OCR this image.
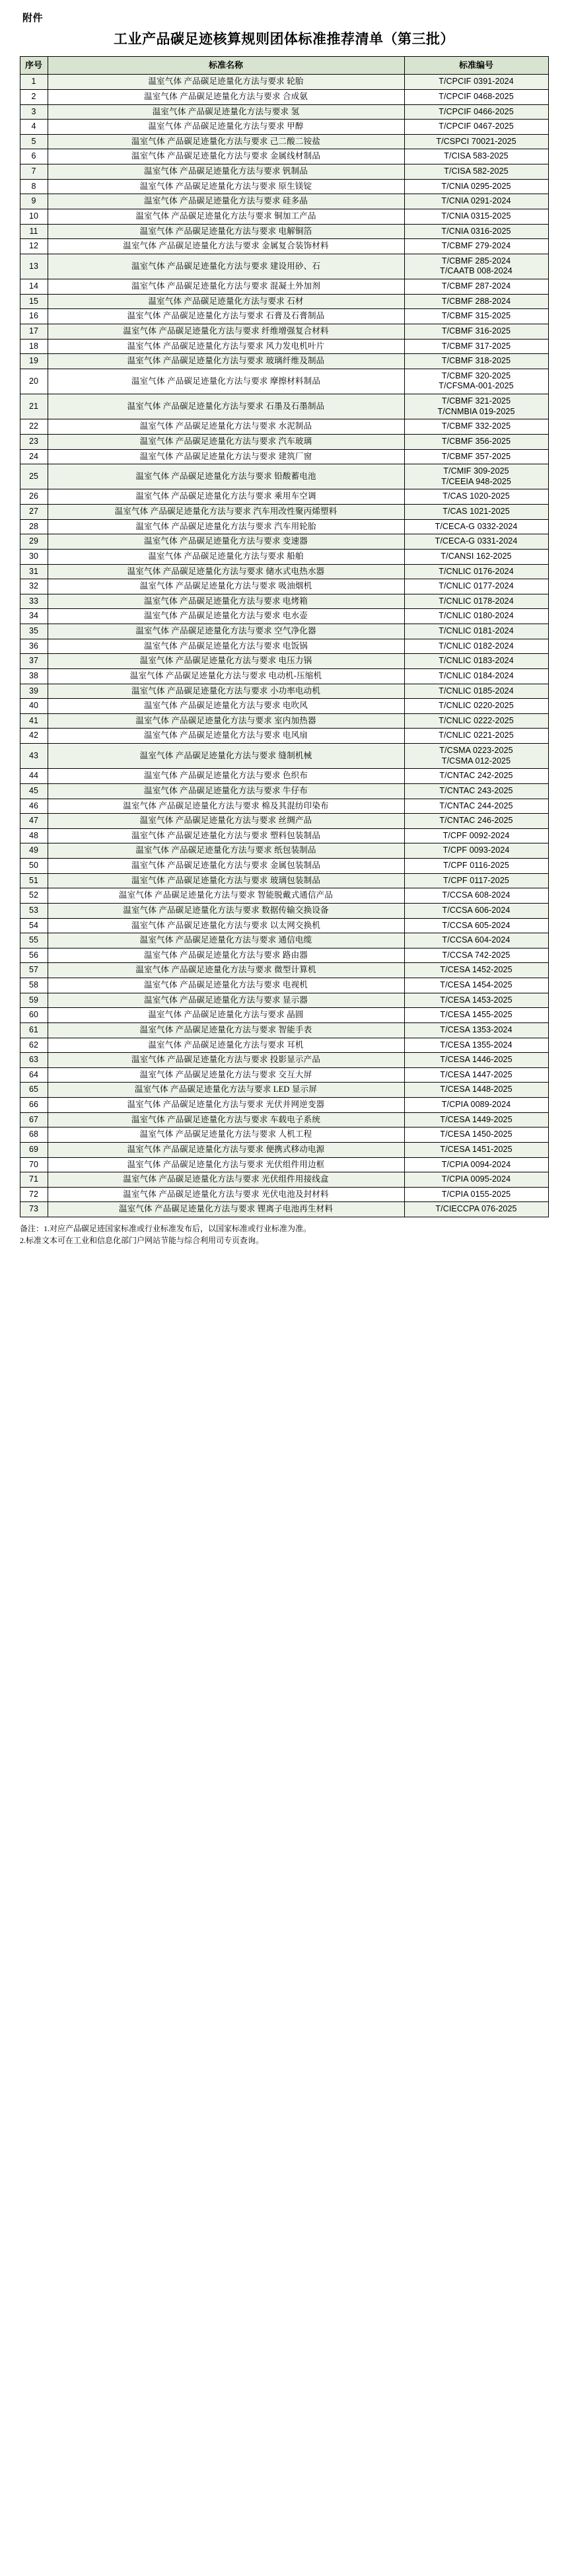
附件
工业产品碳足迹核算规则团体标准推荐清单（第三批）
序号	标准名称	标准编号
1	温室气体 产品碳足迹量化方法与要求 轮胎	T/CPCIF 0391-2024

2	温室气体 产品碳足迹量化方法与要求 合成氨	T/CPCIF 0468-2025

3	温室气体 产品碳足迹量化方法与要求 氢	T/CPCIF 0466-2025

4	温室气体 产品碳足迹量化方法与要求 甲醇	T/CPCIF 0467-2025

5	温室气体 产品碳足迹量化方法与要求 己二酸二铵盐	T/CSPCI 70021-2025

6	温室气体 产品碳足迹量化方法与要求 金属线材制品	T/CISA 583-2025

7	温室气体 产品碳足迹量化方法与要求 钒制品	T/CISA 582-2025

8	温室气体 产品碳足迹量化方法与要求 原生镁锭	T/CNIA 0295-2025

9	温室气体 产品碳足迹量化方法与要求 硅多晶	T/CNIA 0291-2024

10	温室气体 产品碳足迹量化方法与要求 铜加工产品	T/CNIA 0315-2025

11	温室气体 产品碳足迹量化方法与要求 电解铜箔	T/CNIA 0316-2025

12	温室气体 产品碳足迹量化方法与要求 金属复合装饰材料	T/CBMF 279-2024

13	温室气体 产品碳足迹量化方法与要求 建设用砂、石	T/CBMF 285-2024
T/CAATB 008-2024

14	温室气体 产品碳足迹量化方法与要求 混凝土外加剂	T/CBMF 287-2024

15	温室气体 产品碳足迹量化方法与要求 石材	T/CBMF 288-2024

16	温室气体 产品碳足迹量化方法与要求 石膏及石膏制品	T/CBMF 315-2025

17	温室气体 产品碳足迹量化方法与要求 纤维增强复合材料	T/CBMF 316-2025

18	温室气体 产品碳足迹量化方法与要求 风力发电机叶片	T/CBMF 317-2025

19	温室气体 产品碳足迹量化方法与要求 玻璃纤维及制品	T/CBMF 318-2025

20	温室气体 产品碳足迹量化方法与要求 摩擦材料制品	T/CBMF 320-2025
T/CFSMA-001-2025

21	温室气体 产品碳足迹量化方法与要求 石墨及石墨制品	T/CBMF 321-2025
T/CNMBIA 019-2025

22	温室气体 产品碳足迹量化方法与要求 水泥制品	T/CBMF 332-2025

23	温室气体 产品碳足迹量化方法与要求 汽车玻璃	T/CBMF 356-2025

24	温室气体 产品碳足迹量化方法与要求 建筑厂窗	T/CBMF 357-2025

25	温室气体 产品碳足迹量化方法与要求 铅酸蓄电池	T/CMIF 309-2025
T/CEEIA 948-2025

26	温室气体 产品碳足迹量化方法与要求 乘用车空调	T/CAS 1020-2025

27	温室气体 产品碳足迹量化方法与要求 汽车用改性聚丙烯塑料	T/CAS 1021-2025

28	温室气体 产品碳足迹量化方法与要求 汽车用轮胎	T/CECA-G 0332-2024

29	温室气体 产品碳足迹量化方法与要求 变速器	T/CECA-G 0331-2024

30	温室气体 产品碳足迹量化方法与要求 船舶	T/CANSI 162-2025

31	温室气体 产品碳足迹量化方法与要求 储水式电热水器	T/CNLIC 0176-2024

32	温室气体 产品碳足迹量化方法与要求 吸油烟机	T/CNLIC 0177-2024

33	温室气体 产品碳足迹量化方法与要求 电烤箱	T/CNLIC 0178-2024

34	温室气体 产品碳足迹量化方法与要求 电水壶	T/CNLIC 0180-2024

35	温室气体 产品碳足迹量化方法与要求 空气净化器	T/CNLIC 0181-2024

36	温室气体 产品碳足迹量化方法与要求 电饭锅	T/CNLIC 0182-2024

37	温室气体 产品碳足迹量化方法与要求 电压力锅	T/CNLIC 0183-2024

38	温室气体 产品碳足迹量化方法与要求 电动机-压缩机	T/CNLIC 0184-2024

39	温室气体 产品碳足迹量化方法与要求 小功率电动机	T/CNLIC 0185-2024

40	温室气体 产品碳足迹量化方法与要求 电吹风	T/CNLIC 0220-2025

41	温室气体 产品碳足迹量化方法与要求 室内加热器	T/CNLIC 0222-2025

42	温室气体 产品碳足迹量化方法与要求 电风扇	T/CNLIC 0221-2025

43	温室气体 产品碳足迹量化方法与要求 缝制机械	T/CSMA 0223-2025
T/CSMA 012-2025

44	温室气体 产品碳足迹量化方法与要求 色织布	T/CNTAC 242-2025

45	温室气体 产品碳足迹量化方法与要求 牛仔布	T/CNTAC 243-2025

46	温室气体 产品碳足迹量化方法与要求 棉及其混纺印染布	T/CNTAC 244-2025

47	温室气体 产品碳足迹量化方法与要求 丝绸产品	T/CNTAC 246-2025

48	温室气体 产品碳足迹量化方法与要求 塑料包装制品	T/CPF 0092-2024

49	温室气体 产品碳足迹量化方法与要求 纸包装制品	T/CPF 0093-2024

50	温室气体 产品碳足迹量化方法与要求 金属包装制品	T/CPF 0116-2025

51	温室气体 产品碳足迹量化方法与要求 玻璃包装制品	T/CPF 0117-2025

52	温室气体 产品碳足迹量化方法与要求 智能脱戴式通信产品	T/CCSA 608-2024

53	温室气体 产品碳足迹量化方法与要求 数据传输交换设备	T/CCSA 606-2024

54	温室气体 产品碳足迹量化方法与要求 以太网交换机	T/CCSA 605-2024

55	温室气体 产品碳足迹量化方法与要求 通信电缆	T/CCSA 604-2024

56	温室气体 产品碳足迹量化方法与要求 路由器	T/CCSA 742-2025

57	温室气体 产品碳足迹量化方法与要求 微型计算机	T/CESA 1452-2025

58	温室气体 产品碳足迹量化方法与要求 电视机	T/CESA 1454-2025

59	温室气体 产品碳足迹量化方法与要求 显示器	T/CESA 1453-2025

60	温室气体 产品碳足迹量化方法与要求 晶圆	T/CESA 1455-2025

61	温室气体 产品碳足迹量化方法与要求 智能手表	T/CESA 1353-2024

62	温室气体 产品碳足迹量化方法与要求 耳机	T/CESA 1355-2024

63	温室气体 产品碳足迹量化方法与要求 投影显示产品	T/CESA 1446-2025

64	温室气体 产品碳足迹量化方法与要求 交互大屏	T/CESA 1447-2025

65	温室气体 产品碳足迹量化方法与要求 LED 显示屏	T/CESA 1448-2025

66	温室气体 产品碳足迹量化方法与要求 光伏并网逆变器	T/CPIA 0089-2024

67	温室气体 产品碳足迹量化方法与要求 车载电子系统	T/CESA 1449-2025

68	温室气体 产品碳足迹量化方法与要求 人机工程	T/CESA 1450-2025

69	温室气体 产品碳足迹量化方法与要求 便携式移动电源	T/CESA 1451-2025

70	温室气体 产品碳足迹量化方法与要求 光伏组件用边框	T/CPIA 0094-2024

71	温室气体 产品碳足迹量化方法与要求 光伏组件用接线盒	T/CPIA 0095-2024

72	温室气体 产品碳足迹量化方法与要求 光伏电池及封材料	T/CPIA 0155-2025

73	温室气体 产品碳足迹量化方法与要求 锂离子电池再生材料	T/CIECCPA 076-2025
备注：1.对应产品碳足迹国家标准或行业标准发布后，以国家标准或行业标准为准。
2.标准文本可在工业和信息化部门户网站节能与综合利用司专页查询。
